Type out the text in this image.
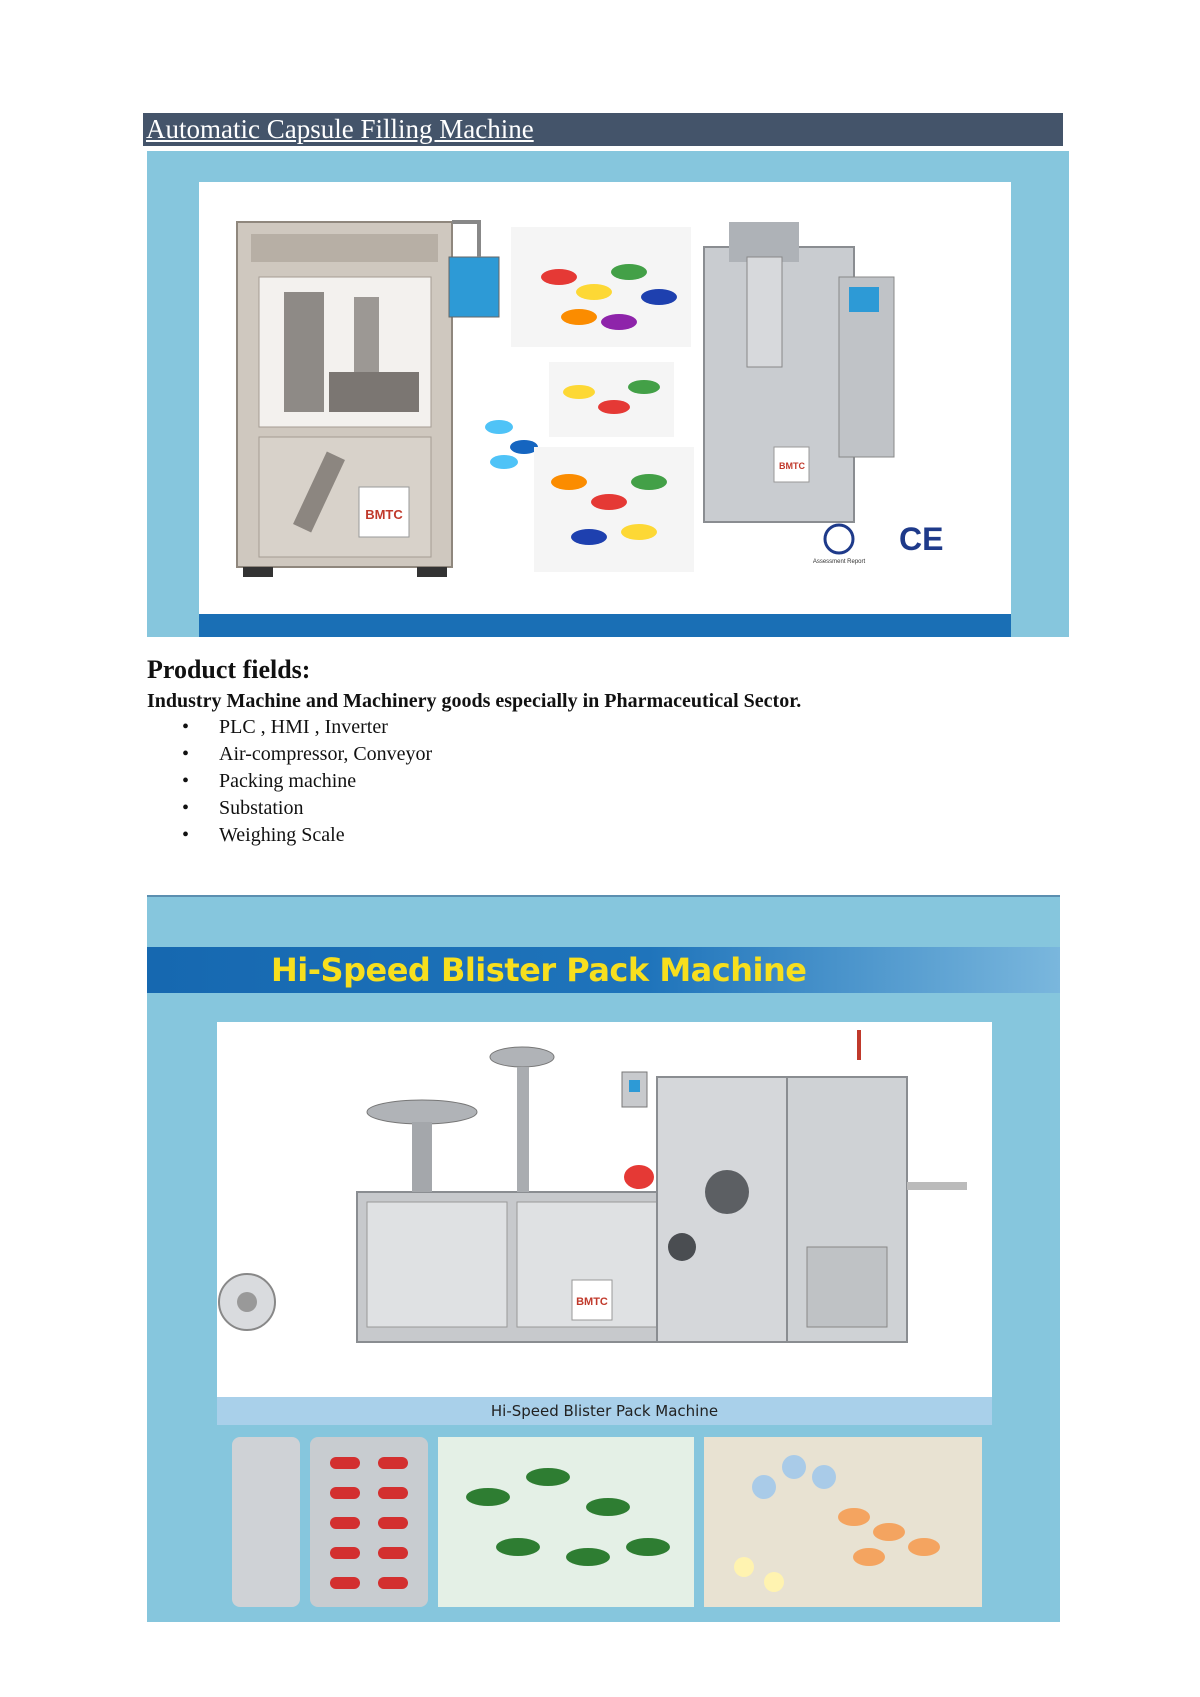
Automatic Capsule Filling Machine
BMTC
BMTC
Assessment Report
CE
Product fields:
Industry Machine and Machinery goods especially in Pharmaceutical Sector.
• PLC , HMI , Inverter
• Air-compressor, Conveyor
• Packing machine
• Substation
• Weighing Scale
Hi-Speed Blister Pack Machine
BMTC
Hi-Speed Blister Pack Machine
